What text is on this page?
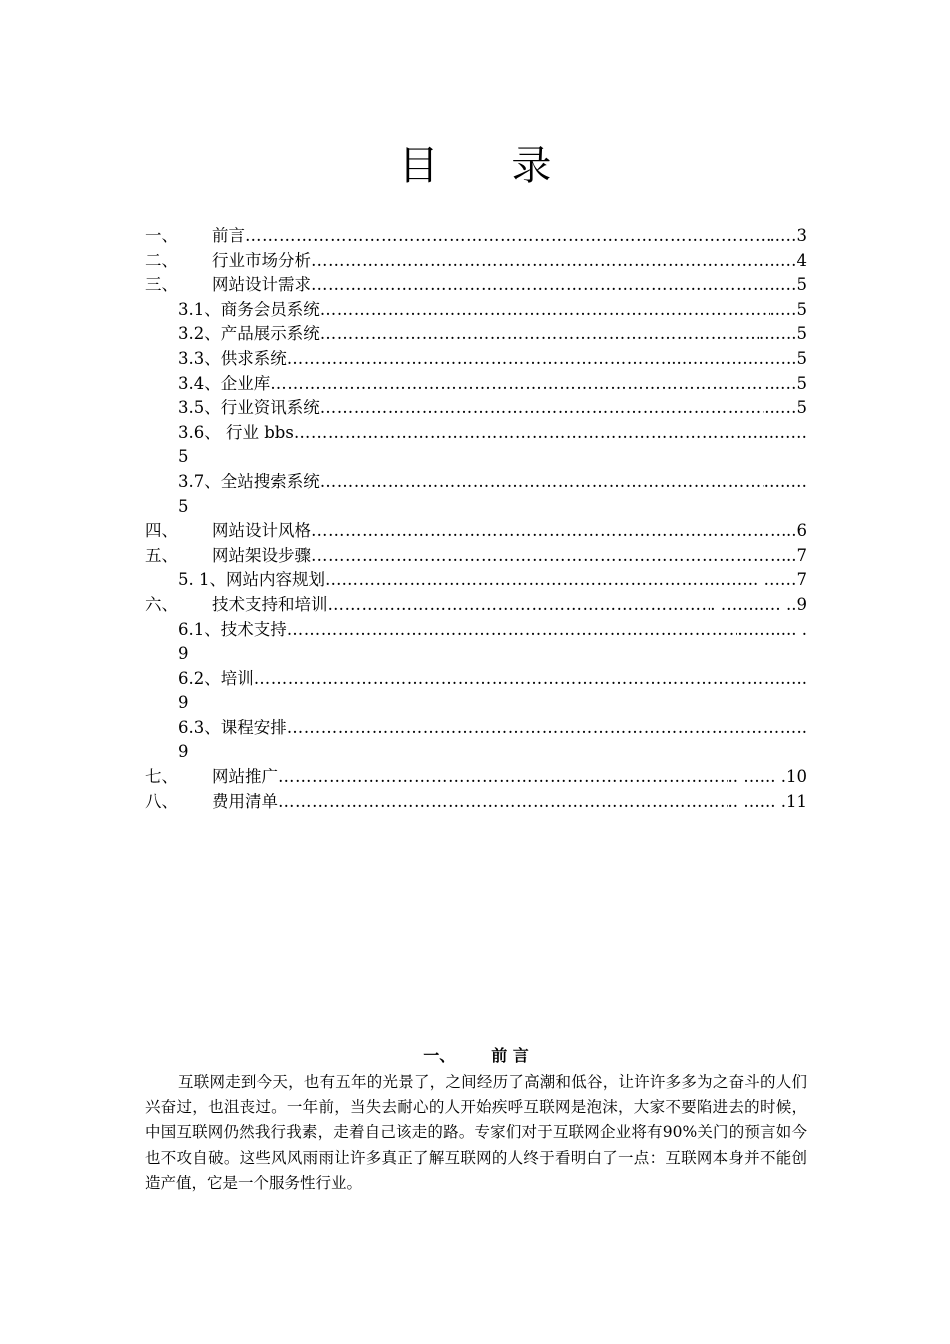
目 录
一、	前言 …………………………………………………………………………………………………………………………………………………………………………………………	..…3
二、	行业市场分析 …………………………………………………………………………………………………………………………………………………………………………………………	..…4
三、	网站设计需求 …………………………………………………………………………………………………………………………………………………………………………………………	..…5
3.1、商务会员系统 …………………………………………………………………………………………………………………………………………………………………………………………	..…5
3.2、产品展示系统 …………………………………………………………………………………………………………………………………………………………………………………………	..…..5
3.3、供求系统 …………………………………………………………………………………………………………………………………………………………………………………………	..………….……..5
3.4、企业库 …………………………………………………………………………………………………………………………………………………………………………………………	...…5
3.5、行业资讯系统 …………………………………………………………………………………………………………………………………………………………………………………………	...…5
3.6、 行业 bbs …………………………………………………………………………………………………………………………………………………………………………………………	…..……
5
3.7、全站搜索系统 …………………………………………………………………………………………………………………………………………………………………………………………	…..…
5
四、	网站设计风格 …………………………………………………………………………………………………………………………………………………………………………………………	..6
五、	网站架设步骤 …………………………………………………………………………………………………………………………………………………………………………………………	..7
5. 1、网站内容规划… …………………………………………………………………………………………………………………………………………………………………………………………	..…….. ……7
六、	技术支持和培训 …………………………………………………………………………………………………………………………………………………………………………………………	. ……..… ..9
6.1、技术支持 …………………………………………………………………………………………………………………………………………………………………………………………	……..... .
9
6.2、培训 …………………………………………………………………………………………………………………………………………………………………………………………	…..
9
6.3、课程安排 …………………………………………………………………………………………………………………………………………………………………………………………	..
9
七、	网站推广 …………………………………………………………………………………………………………………………………………………………………………………………	.. …... .10
八、	费用清单 …………………………………………………………………………………………………………………………………………………………………………………………	.. …... .11
一、 前 言

互联网走到今天，也有五年的光景了，之间经历了高潮和低谷，让许许多多为之奋斗的人们兴奋过，也沮丧过。一年前，当失去耐心的人开始疾呼互联网是泡沫，大家不要陷进去的时候，中国互联网仍然我行我素，走着自己该走的路。专家们对于互联网企业将有90%关门的预言如今也不攻自破。这些风风雨雨让许多真正了解互联网的人终于看明白了一点：互联网本身并不能创造产值，它是一个服务性行业。
